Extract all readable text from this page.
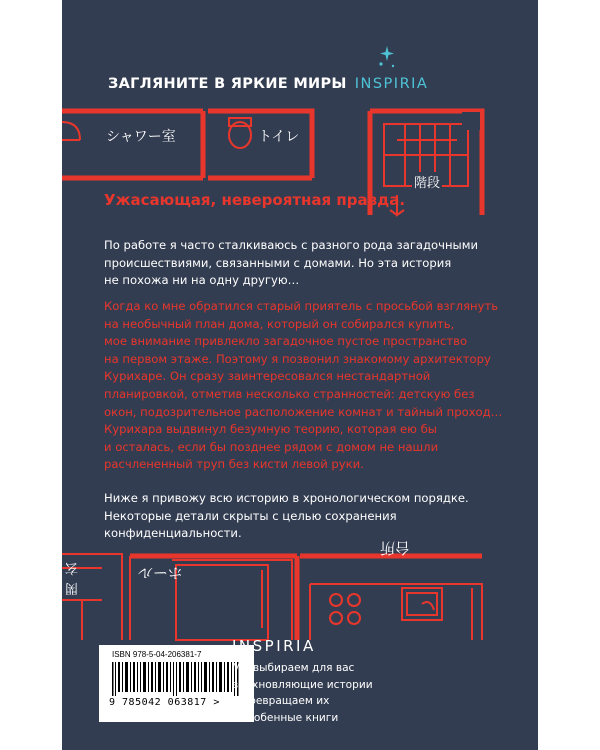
ЗАГЛЯНИТЕ В ЯРКИЕ МИРЫ INSPIRIA
シャワー室	トイレ
階段
ホール
台所
玄
関
Ужасающая, невероятная правда.
По работе я часто сталкиваюсь с разного рода загадочными
происшествиями, связанными с домами. Но эта история
не похожа ни на одну другую…
Когда ко мне обратился старый приятель с просьбой взглянуть
на необычный план дома, который он собирался купить,
мое внимание привлекло загадочное пустое пространство
на первом этаже. Поэтому я позвонил знакомому архитектору
Курихаре. Он сразу заинтересовался нестандартной
планировкой, отметив несколько странностей: детскую без
окон, подозрительное расположение комнат и тайный проход…
Курихара выдвинул безумную теорию, которая ею бы
и осталась, если бы позднее рядом с домом не нашли
расчлененный труп без кисти левой руки.
Ниже я привожу всю историю в хронологическом порядке.
Некоторые детали скрыты с целью сохранения
конфиденциальности.
ISBN 978-5-04-206381-7
9 785042 063817 >
INSPIRIA
Мы выбираем для вас
вдохновляющие истории
и превращаем их
в особенные книги
